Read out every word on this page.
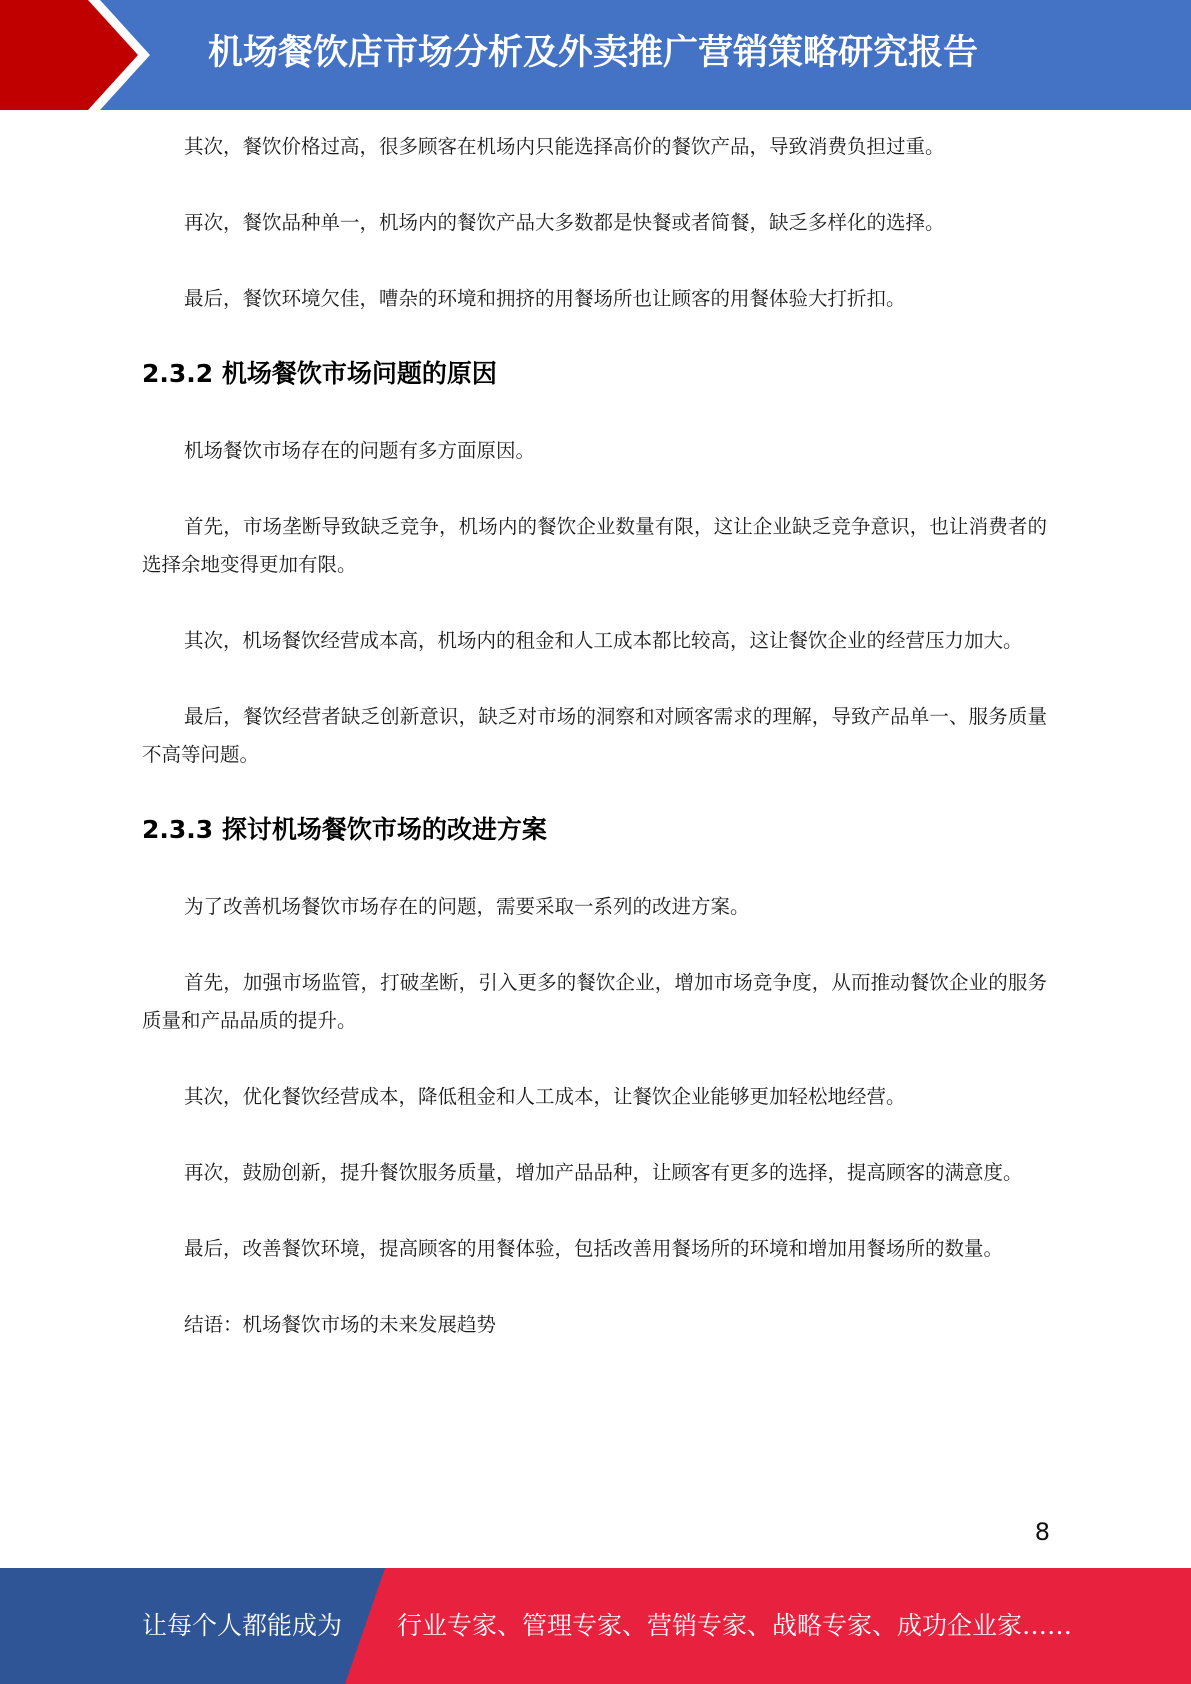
机场餐饮店市场分析及外卖推广营销策略研究报告

其次，餐饮价格过高，很多顾客在机场内只能选择高价的餐饮产品，导致消费负担过重。

再次，餐饮品种单一，机场内的餐饮产品大多数都是快餐或者简餐，缺乏多样化的选择。

最后，餐饮环境欠佳，嘈杂的环境和拥挤的用餐场所也让顾客的用餐体验大打折扣。

2.3.2 机场餐饮市场问题的原因

机场餐饮市场存在的问题有多方面原因。

首先，市场垄断导致缺乏竞争，机场内的餐饮企业数量有限，这让企业缺乏竞争意识，也让消费者的选择余地变得更加有限。

其次，机场餐饮经营成本高，机场内的租金和人工成本都比较高，这让餐饮企业的经营压力加大。

最后，餐饮经营者缺乏创新意识，缺乏对市场的洞察和对顾客需求的理解，导致产品单一、服务质量不高等问题。

2.3.3 探讨机场餐饮市场的改进方案

为了改善机场餐饮市场存在的问题，需要采取一系列的改进方案。

首先，加强市场监管，打破垄断，引入更多的餐饮企业，增加市场竞争度，从而推动餐饮企业的服务质量和产品品质的提升。

其次，优化餐饮经营成本，降低租金和人工成本，让餐饮企业能够更加轻松地经营。

再次，鼓励创新，提升餐饮服务质量，增加产品品种，让顾客有更多的选择，提高顾客的满意度。

最后，改善餐饮环境，提高顾客的用餐体验，包括改善用餐场所的环境和增加用餐场所的数量。

结语：机场餐饮市场的未来发展趋势

8
让每个人都能成为 行业专家、管理专家、营销专家、战略专家、成功企业家……
